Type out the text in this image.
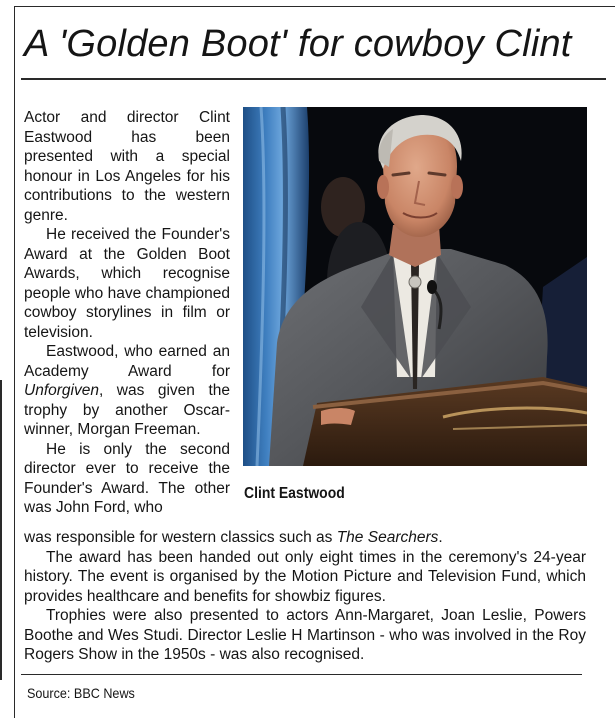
A 'Golden Boot' for cowboy Clint

Actor and director Clint Eastwood has been presented with a special honour in Los Angeles for his contributions to the western genre.

He received the Founder's Award at the Golden Boot Awards, which recognise people who have championed cowboy storylines in film or television.

Eastwood, who earned an Academy Award for Unforgiven, was given the trophy by another Oscar-winner, Morgan Freeman.

He is only the second director ever to receive the Founder's Award. The other was John Ford, who

Clint Eastwood

was responsible for western classics such as The Searchers.

The award has been handed out only eight times in the ceremony's 24-year history. The event is organised by the Motion Picture and Television Fund, which provides healthcare and benefits for showbiz figures.

Trophies were also presented to actors Ann-Margaret, Joan Leslie, Powers Boothe and Wes Studi. Director Leslie H Martinson - who was involved in the Roy Rogers Show in the 1950s - was also recognised.

Source: BBC News
